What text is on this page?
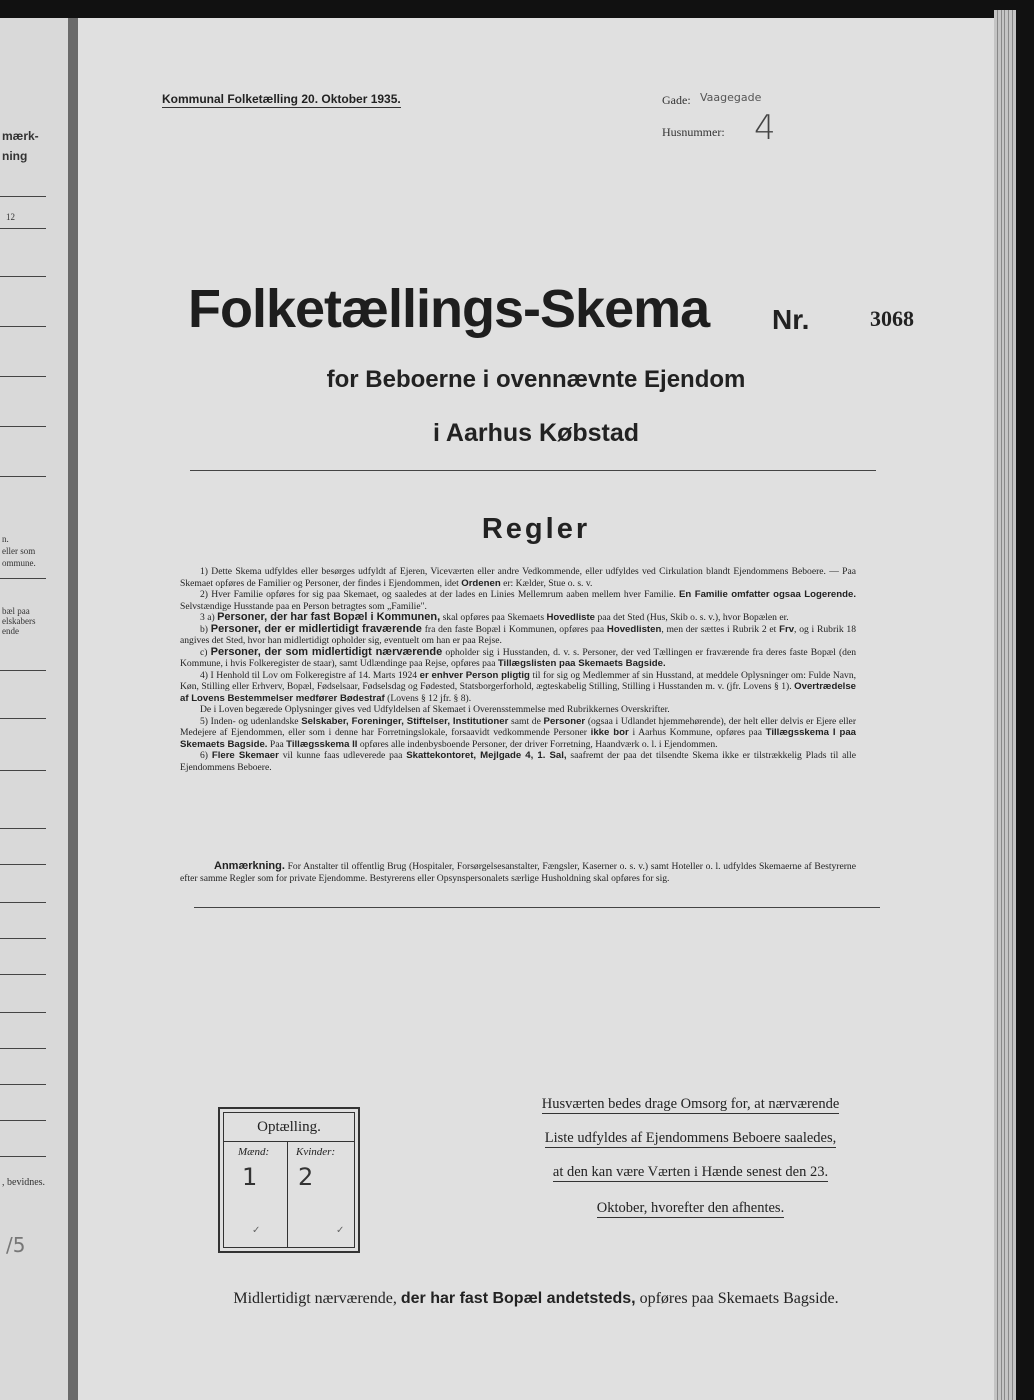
mærk-
ning
12
n.
eller som
ommune.
bæl paa
elskabers
ende
, bevidnes.
/5
Kommunal Folketælling 20. Oktober 1935.	Gade: Vaagegade
Husnummer: 4
Folketællings-Skema Nr.	3068
for Beboerne i ovennævnte Ejendom
i Aarhus Købstad
Regler

1) Dette Skema udfyldes eller besørges udfyldt af Ejeren, Viceværten eller andre Vedkommende, eller udfyldes ved Cirkulation blandt Ejendommens Beboere. — Paa Skemaet opføres de Familier og Personer, der findes i Ejendommen, idet Ordenen er: Kælder, Stue o. s. v.

2) Hver Familie opføres for sig paa Skemaet, og saaledes at der lades en Linies Mellemrum aaben mellem hver Familie. En Familie omfatter ogsaa Logerende. Selvstændige Husstande paa en Person betragtes som „Familie".

3 a) Personer, der har fast Bopæl i Kommunen, skal opføres paa Skemaets Hovedliste paa det Sted (Hus, Skib o. s. v.), hvor Bopælen er.

b) Personer, der er midlertidigt fraværende fra den faste Bopæl i Kommunen, opføres paa Hovedlisten, men der sættes i Rubrik 2 et Frv, og i Rubrik 18 angives det Sted, hvor han midlertidigt opholder sig, eventuelt om han er paa Rejse.

c) Personer, der som midlertidigt nærværende opholder sig i Husstanden, d. v. s. Personer, der ved Tællingen er fraværende fra deres faste Bopæl (den Kommune, i hvis Folkeregister de staar), samt Udlændinge paa Rejse, opføres paa Tillægslisten paa Skemaets Bagside.

4) I Henhold til Lov om Folkeregistre af 14. Marts 1924 er enhver Person pligtig til for sig og Medlemmer af sin Husstand, at meddele Oplysninger om: Fulde Navn, Køn, Stilling eller Erhverv, Bopæl, Fødselsaar, Fødselsdag og Fødested, Statsborgerforhold, ægteskabelig Stilling, Stilling i Husstanden m. v. (jfr. Lovens § 1). Overtrædelse af Lovens Bestemmelser medfører Bødestraf (Lovens § 12 jfr. § 8).

De i Loven begærede Oplysninger gives ved Udfyldelsen af Skemaet i Overensstemmelse med Rubrikkernes Overskrifter.

5) Inden- og udenlandske Selskaber, Foreninger, Stiftelser, Institutioner samt de Personer (ogsaa i Udlandet hjemmehørende), der helt eller delvis er Ejere eller Medejere af Ejendommen, eller som i denne har Forretningslokale, forsaavidt vedkommende Personer ikke bor i Aarhus Kommune, opføres paa Tillægsskema I paa Skemaets Bagside. Paa Tillægsskema II opføres alle indenbysboende Personer, der driver Forretning, Haandværk o. l. i Ejendommen.

6) Flere Skemaer vil kunne faas udleverede paa Skattekontoret, Mejlgade 4, 1. Sal, saafremt der paa det tilsendte Skema ikke er tilstrækkelig Plads til alle Ejendommens Beboere.

Anmærkning. For Anstalter til offentlig Brug (Hospitaler, Forsørgelsesanstalter, Fængsler, Kaserner o. s. v.) samt Hoteller o. l. udfyldes Skemaerne af Bestyrerne efter samme Regler som for private Ejendomme. Bestyrerens eller Opsynspersonalets særlige Husholdning skal opføres for sig.

Optælling.
Mænd: Kvinder:
1 2
✓	✓
Husværten bedes drage Omsorg for, at nærværende
Liste udfyldes af Ejendommens Beboere saaledes,
at den kan være Værten i Hænde senest den 23.
Oktober, hvorefter den afhentes.
Midlertidigt nærværende, der har fast Bopæl andetsteds, opføres paa Skemaets Bagside.
